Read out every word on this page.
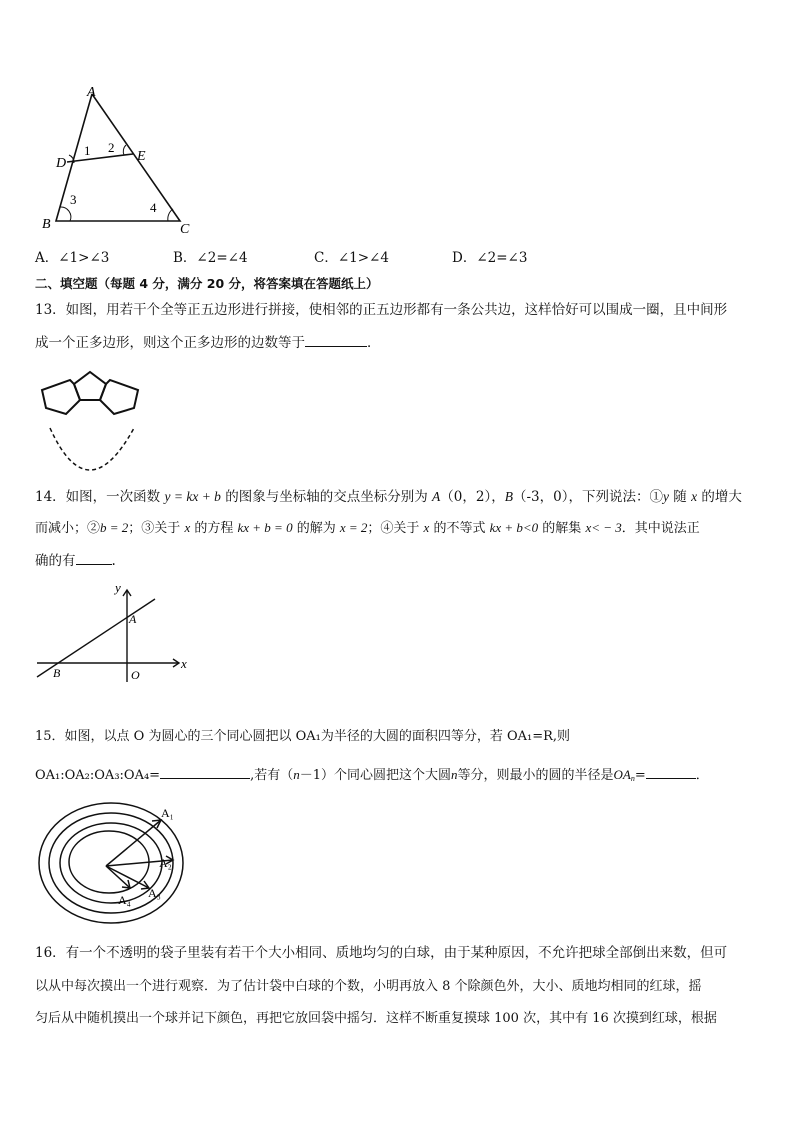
A
D	E
B	C
1 2
3
4
A．∠1>∠3	B．∠2=∠4	C．∠1>∠4	D．∠2=∠3
二、填空题（每题 4 分，满分 20 分，将答案填在答题纸上）
13．如图，用若干个全等正五边形进行拼接，使相邻的正五边形都有一条公共边，这样恰好可以围成一圈，且中间形
成一个正多边形，则这个正多边形的边数等于	．
14．如图，一次函数 y = kx + b 的图象与坐标轴的交点坐标分别为 A（0，2），B（-3，0），下列说法：①y 随 x 的增大
而减小；②b = 2；③关于 x 的方程 kx + b = 0 的解为 x = 2；④关于 x 的不等式 kx + b<0 的解集 x< − 3．其中说法正
确的有	.
x
y
A
B	O
15．如图，以点 O 为圆心的三个同心圆把以 OA₁为半径的大圆的面积四等分，若 OA₁=R,则
OA₁:OA₂:OA₃:OA₄=	,若有（n－1）个同心圆把这个大圆n等分，则最小的圆的半径是$OA_n=$	．
A₁
A₂
A₃
A₄
16．有一个不透明的袋子里装有若干个大小相同、质地均匀的白球，由于某种原因，不允许把球全部倒出来数，但可
以从中每次摸出一个进行观察．为了估计袋中白球的个数，小明再放入 8 个除颜色外，大小、质地均相同的红球，摇
匀后从中随机摸出一个球并记下颜色，再把它放回袋中摇匀．这样不断重复摸球 100 次，其中有 16 次摸到红球，根据
